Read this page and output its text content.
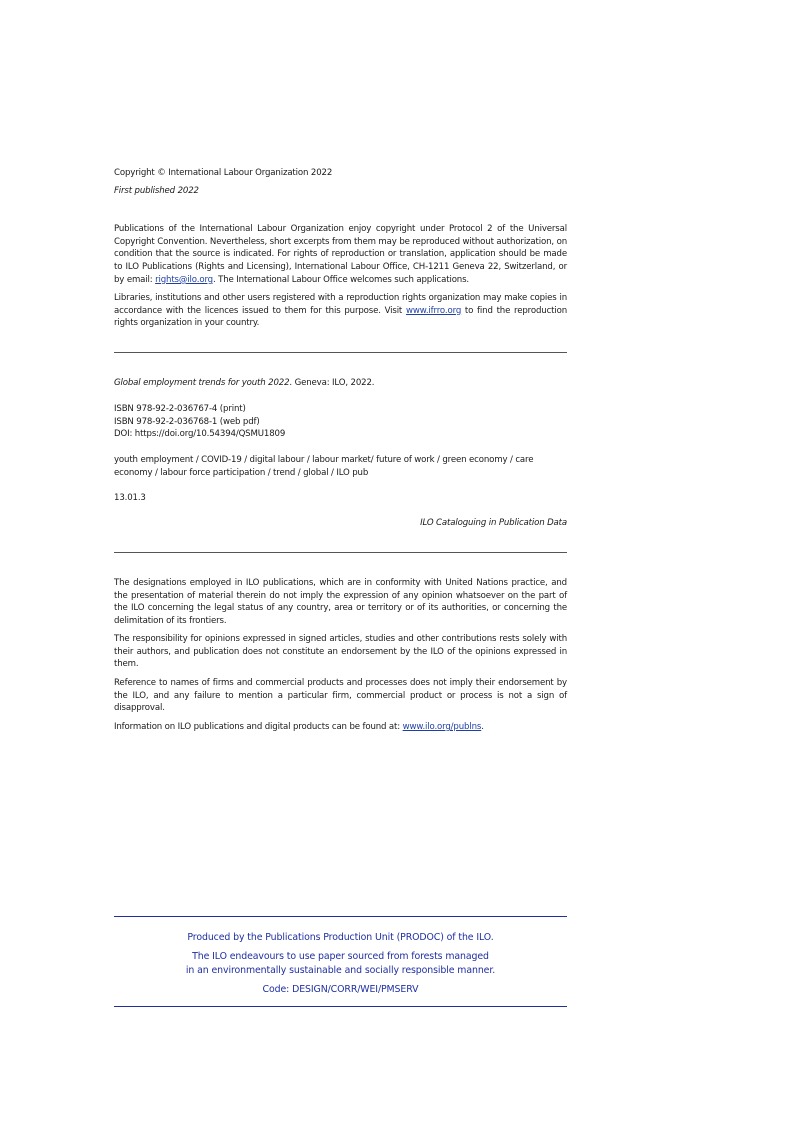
Copyright © International Labour Organization 2022

First published 2022

Publications of the International Labour Organization enjoy copyright under Protocol 2 of the Universal Copyright Convention. Nevertheless, short excerpts from them may be reproduced without authorization, on condition that the source is indicated. For rights of reproduction or translation, application should be made to ILO Publications (Rights and Licensing), International Labour Office, CH-1211 Geneva 22, Switzerland, or by email: rights@ilo.org. The International Labour Office welcomes such applications.

Libraries, institutions and other users registered with a reproduction rights organization may make copies in accordance with the licences issued to them for this purpose. Visit www.ifrro.org to find the reproduction rights organization in your country.

Global employment trends for youth 2022. Geneva: ILO, 2022.

ISBN 978-92-2-036767-4 (print)

ISBN 978-92-2-036768-1 (web pdf)

DOI: https://doi.org/10.54394/QSMU1809

youth employment / COVID-19 / digital labour / labour market/ future of work / green economy / care economy / labour force participation / trend / global / ILO pub

13.01.3

ILO Cataloguing in Publication Data

The designations employed in ILO publications, which are in conformity with United Nations practice, and the presentation of material therein do not imply the expression of any opinion whatsoever on the part of the ILO concerning the legal status of any country, area or territory or of its authorities, or concerning the delimitation of its frontiers.

The responsibility for opinions expressed in signed articles, studies and other contributions rests solely with their authors, and publication does not constitute an endorsement by the ILO of the opinions expressed in them.

Reference to names of firms and commercial products and processes does not imply their endorsement by the ILO, and any failure to mention a particular firm, commercial product or process is not a sign of disapproval.

Information on ILO publications and digital products can be found at: www.ilo.org/publns.

Produced by the Publications Production Unit (PRODOC) of the ILO.

The ILO endeavours to use paper sourced from forests managed

in an environmentally sustainable and socially responsible manner.

Code: DESIGN/CORR/WEI/PMSERV
